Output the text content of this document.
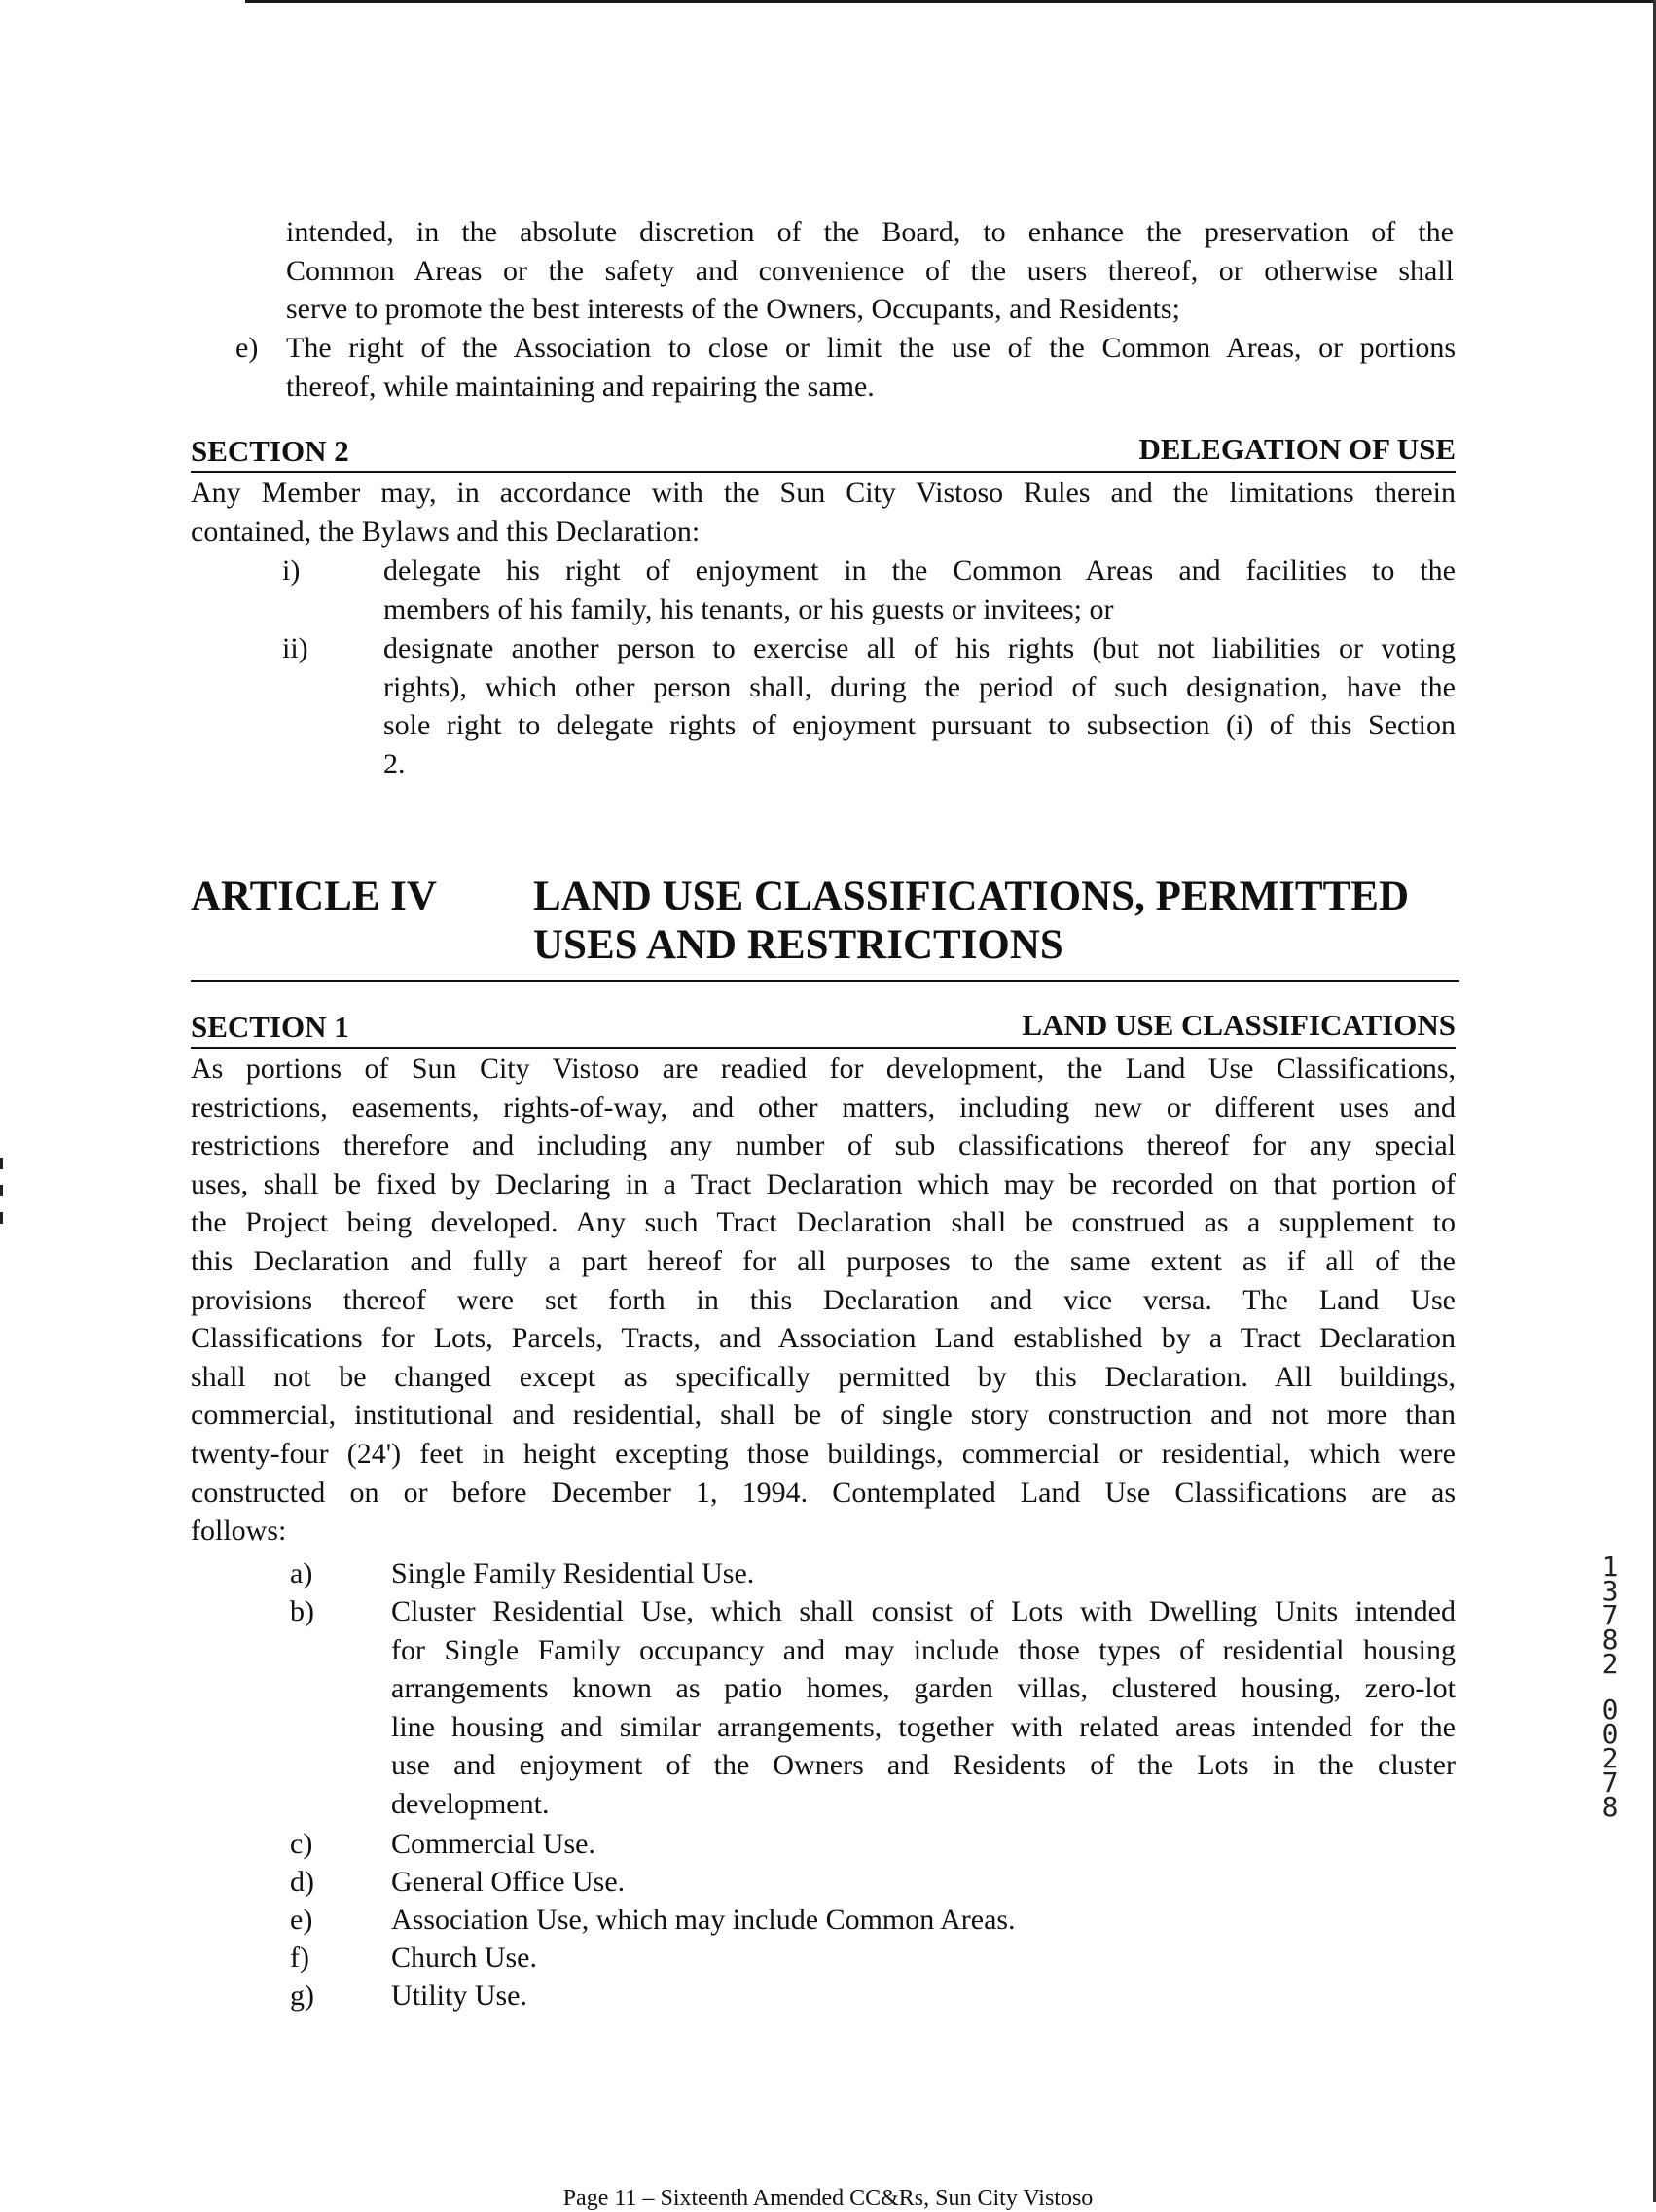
intended, in the absolute discretion of the Board, to enhance the preservation of the
Common Areas or the safety and convenience of the users thereof, or otherwise shall
serve to promote the best interests of the Owners, Occupants, and Residents;
e) The right of the Association to close or limit the use of the Common Areas, or portions
thereof, while maintaining and repairing the same.
SECTION 2	DELEGATION OF USE
Any Member may, in accordance with the Sun City Vistoso Rules and the limitations therein
contained, the Bylaws and this Declaration:
i)	delegate his right of enjoyment in the Common Areas and facilities to the
members of his family, his tenants, or his guests or invitees; or
ii)	designate another person to exercise all of his rights (but not liabilities or voting
rights), which other person shall, during the period of such designation, have the
sole right to delegate rights of enjoyment pursuant to subsection (i) of this Section
2.
ARTICLE IV LAND USE CLASSIFICATIONS, PERMITTED
USES AND RESTRICTIONS
SECTION 1	LAND USE CLASSIFICATIONS
As portions of Sun City Vistoso are readied for development, the Land Use Classifications,
restrictions, easements, rights-of-way, and other matters, including new or different uses and
restrictions therefore and including any number of sub classifications thereof for any special
uses, shall be fixed by Declaring in a Tract Declaration which may be recorded on that portion of
the Project being developed. Any such Tract Declaration shall be construed as a supplement to
this Declaration and fully a part hereof for all purposes to the same extent as if all of the
provisions thereof were set forth in this Declaration and vice versa. The Land Use
Classifications for Lots, Parcels, Tracts, and Association Land established by a Tract Declaration
shall not be changed except as specifically permitted by this Declaration. All buildings,
commercial, institutional and residential, shall be of single story construction and not more than
twenty-four (24') feet in height excepting those buildings, commercial or residential, which were
constructed on or before December 1, 1994. Contemplated Land Use Classifications are as
follows:
a)	Single Family Residential Use.
b)	Cluster Residential Use, which shall consist of Lots with Dwelling Units intended
for Single Family occupancy and may include those types of residential housing
arrangements known as patio homes, garden villas, clustered housing, zero-lot
line housing and similar arrangements, together with related areas intended for the
use and enjoyment of the Owners and Residents of the Lots in the cluster
development.
c)	Commercial Use.
d)	General Office Use.
e)	Association Use, which may include Common Areas.
f)	Church Use.
g)	Utility Use.
1
3
7
8
2
0
0
2
7
8
Page 11 – Sixteenth Amended CC&Rs, Sun City Vistoso
